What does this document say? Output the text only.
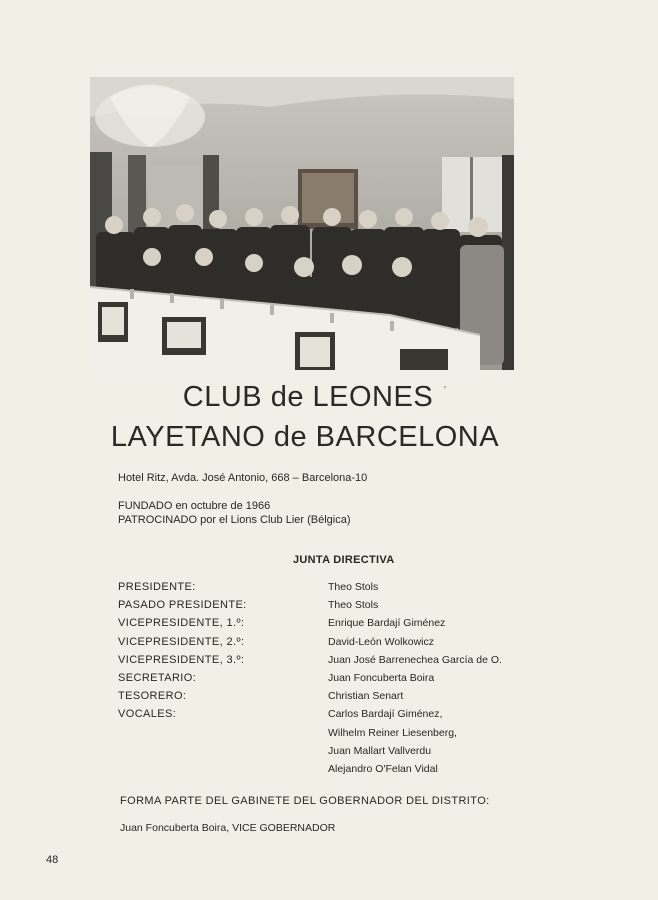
CLUB de LEONES
LAYETANO de BARCELONA
'
Hotel Ritz, Avda. José Antonio, 668 – Barcelona-10
FUNDADO en octubre de 1966
PATROCINADO por el Lions Club Lier (Bélgica)
JUNTA DIRECTIVA
PRESIDENTE:
PASADO PRESIDENTE:
VICEPRESIDENTE, 1.º:
VICEPRESIDENTE, 2.º:
VICEPRESIDENTE, 3.º:
SECRETARIO:
TESORERO:
VOCALES:
Theo Stols
Theo Stols
Enrique Bardají Giménez
David-León Wolkowicz
Juan José Barrenechea García de O.
Juan Foncuberta Boira
Christian Senart
Carlos Bardají Giménez,
Wilhelm Reiner Liesenberg,
Juan Mallart Vallverdu
Alejandro O'Felan Vidal
FORMA PARTE DEL GABINETE DEL GOBERNADOR DEL DISTRITO:
Juan Foncuberta Boira, VICE GOBERNADOR
48
